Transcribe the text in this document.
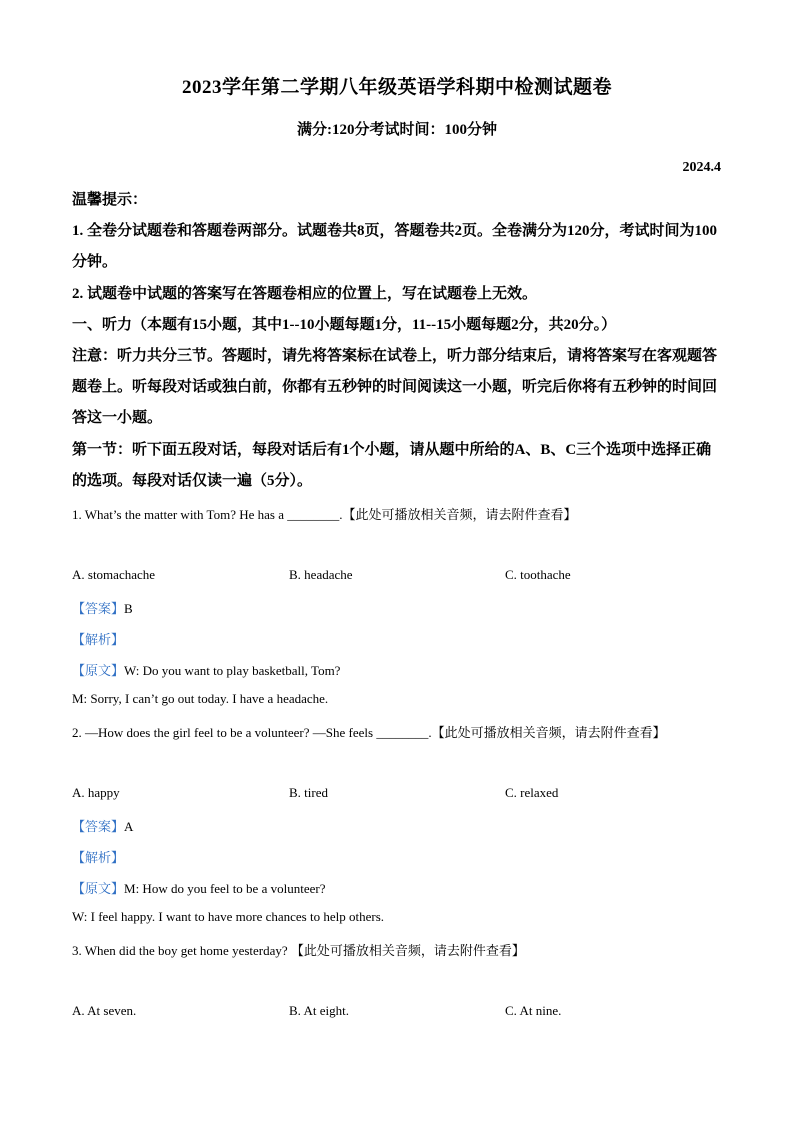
2023学年第二学期八年级英语学科期中检测试题卷
满分:120分考试时间：100分钟
2024.4

温馨提示：

1. 全卷分试题卷和答题卷两部分。试题卷共8页，答题卷共2页。全卷满分为120分，考试时间为100分钟。

2. 试题卷中试题的答案写在答题卷相应的位置上，写在试题卷上无效。

一、听力（本题有15小题，其中1--10小题每题1分，11--15小题每题2分，共20分。）

注意：听力共分三节。答题时，请先将答案标在试卷上，听力部分结束后，请将答案写在客观题答题卷上。听每段对话或独白前，你都有五秒钟的时间阅读这一小题，听完后你将有五秒钟的时间回答这一小题。

第一节：听下面五段对话，每段对话后有1个小题，请从题中所给的A、B、C三个选项中选择正确的选项。每段对话仅读一遍（5分）。

1. What’s the matter with Tom? He has a ________.【此处可播放相关音频，请去附件查看】
A. stomachache	B. headache	C. toothache
【答案】B
【解析】
【原文】W: Do you want to play basketball, Tom?
M: Sorry, I can’t go out today. I have a headache.
2. —How does the girl feel to be a volunteer? —She feels ________.【此处可播放相关音频，请去附件查看】
A. happy	B. tired	C. relaxed
【答案】A
【解析】
【原文】M: How do you feel to be a volunteer?
W: I feel happy. I want to have more chances to help others.
3. When did the boy get home yesterday? 【此处可播放相关音频，请去附件查看】
A. At seven.	B. At eight.	C. At nine.
